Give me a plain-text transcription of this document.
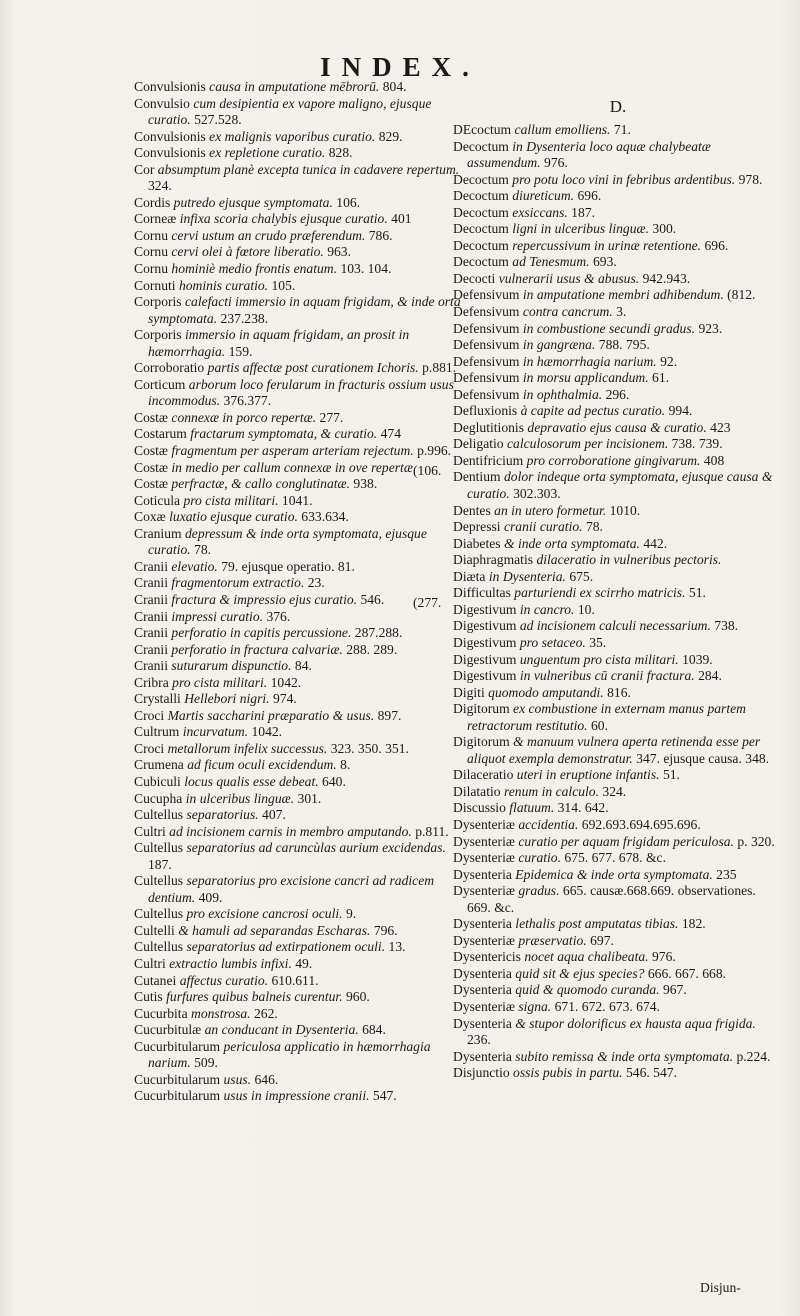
INDEX.

Convulsionis causa in amputatione mēbrorū. 804.

Convulsio cum desipientia ex vapore maligno, ejusque curatio. 527.528.

Convulsionis ex malignis vaporibus curatio. 829.

Convulsionis ex repletione curatio. 828.

Cor absumptum planè excepta tunica in cadavere repertum. 324.

Cordis putredo ejusque symptomata. 106.

Corneæ infixa scoria chalybis ejusque curatio. 401

Cornu cervi ustum an crudo præferendum. 786.

Cornu cervi olei à fœtore liberatio. 963.

Cornu hominiè medio frontis enatum. 103. 104.

Cornuti hominis curatio. 105.

Corporis calefacti immersio in aquam frigidam, & inde orta symptomata. 237.238.

Corporis immersio in aquam frigidam, an prosit in hæmorrhagia. 159.

Corroboratio partis affectæ post curationem Ichoris. p.881.

Corticum arborum loco ferularum in fracturis ossium usus incommodus. 376.377.

Costæ connexæ in porco repertæ. 277.

Costarum fractarum symptomata, & curatio. 474

Costæ fragmentum per asperam arteriam rejectum. p.996.

Costæ in medio per callum connexæ in ove repertæ

Costæ perfractæ, & callo conglutinatæ. 938.

Coticula pro cista militari. 1041.

Coxæ luxatio ejusque curatio. 633.634.

Cranium depressum & inde orta symptomata, ejusque curatio. 78.

Cranii elevatio. 79. ejusque operatio. 81.

Cranii fragmentorum extractio. 23.

Cranii fractura & impressio ejus curatio. 546.

Cranii impressi curatio. 376.

Cranii perforatio in capitis percussione. 287.288.

Cranii perforatio in fractura calvariæ. 288. 289.

Cranii suturarum dispunctio. 84.

Cribra pro cista militari. 1042.

Crystalli Hellebori nigri. 974.

Croci Martis saccharini præparatio & usus. 897.

Cultrum incurvatum. 1042.

Croci metallorum infelix successus. 323. 350. 351.

Crumena ad ficum oculi excidendum. 8.

Cubiculi locus qualis esse debeat. 640.

Cucupha in ulceribus linguæ. 301.

Cultellus separatorius. 407.

Cultri ad incisionem carnis in membro amputando. p.811.

Cultellus separatorius ad caruncùlas aurium excidendas. 187.

Cultellus separatorius pro excisione cancri ad radicem dentium. 409.

Cultellus pro excisione cancrosi oculi. 9.

Cultelli & hamuli ad separandas Escharas. 796.

Cultellus separatorius ad extirpationem oculi. 13.

Cultri extractio lumbis infixi. 49.

Cutanei affectus curatio. 610.611.

Cutis furfures quibus balneis curentur. 960.

Cucurbita monstrosa. 262.

Cucurbitulæ an conducant in Dysenteria. 684.

Cucurbitularum periculosa applicatio in hæmorrhagia narium. 509.

Cucurbitularum usus. 646.

Cucurbitularum usus in impressione cranii. 547.

D.

DEcoctum callum emolliens. 71.

Decoctum in Dysenteria loco aquæ chalybeatæ assumendum. 976.

Decoctum pro potu loco vini in febribus ardentibus. 978.

Decoctum diureticum. 696.

Decoctum exsiccans. 187.

Decoctum ligni in ulceribus linguæ. 300.

Decoctum repercussivum in urinæ retentione. 696.

Decoctum ad Tenesmum. 693.

Decocti vulnerarii usus & abusus. 942.943.

Defensivum in amputatione membri adhibendum. (812.

Defensivum contra cancrum. 3.

Defensivum in combustione secundi gradus. 923.

Defensivum in gangræna. 788. 795.

Defensivum in hæmorrhagia narium. 92.

Defensivum in morsu applicandum. 61.

Defensivum in ophthalmia. 296.

Defluxionis à capite ad pectus curatio. 994.

Deglutitionis depravatio ejus causa & curatio. 423

Deligatio calculosorum per incisionem. 738. 739.

Dentifricium pro corroboratione gingivarum. 408

Dentium dolor indeque orta symptomata, ejusque causa & curatio. 302.303.

Dentes an in utero formetur. 1010.

Depressi cranii curatio. 78.

Diabetes & inde orta symptomata. 442.

Diaphragmatis dilaceratio in vulneribus pectoris.

Diæta in Dysenteria. 675.

Difficultas parturiendi ex scirrho matricis. 51.

Digestivum in cancro. 10.

Digestivum ad incisionem calculi necessarium. 738.

Digestivum pro setaceo. 35.

Digestivum unguentum pro cista militari. 1039.

Digestivum in vulneribus cū cranii fractura. 284.

Digiti quomodo amputandi. 816.

Digitorum ex combustione in externam manus partem retractorum restitutio. 60.

Digitorum & manuum vulnera aperta retinenda esse per aliquot exempla demonstratur. 347. ejusque causa. 348.

Dilaceratio uteri in eruptione infantis. 51.

Dilatatio renum in calculo. 324.

Discussio flatuum. 314. 642.

Dysenteriæ accidentia. 692.693.694.695.696.

Dysenteriæ curatio per aquam frigidam periculosa. p. 320.

Dysenteriæ curatio. 675. 677. 678. &c.

Dysenteria Epidemica & inde orta symptomata. 235

Dysenteriæ gradus. 665. causæ.668.669. observationes. 669. &c.

Dysenteria lethalis post amputatas tibias. 182.

Dysenteriæ præservatio. 697.

Dysentericis nocet aqua chalibeata. 976.

Dysenteria quid sit & ejus species? 666. 667. 668.

Dysenteria quid & quomodo curanda. 967.

Dysenteriæ signa. 671. 672. 673. 674.

Dysenteria & stupor dolorificus ex hausta aqua frigida. 236.

Dysenteria subito remissa & inde orta symptomata. p.224.

Disjunctio ossis pubis in partu. 546. 547.

Disjun-
(106.
(277.
